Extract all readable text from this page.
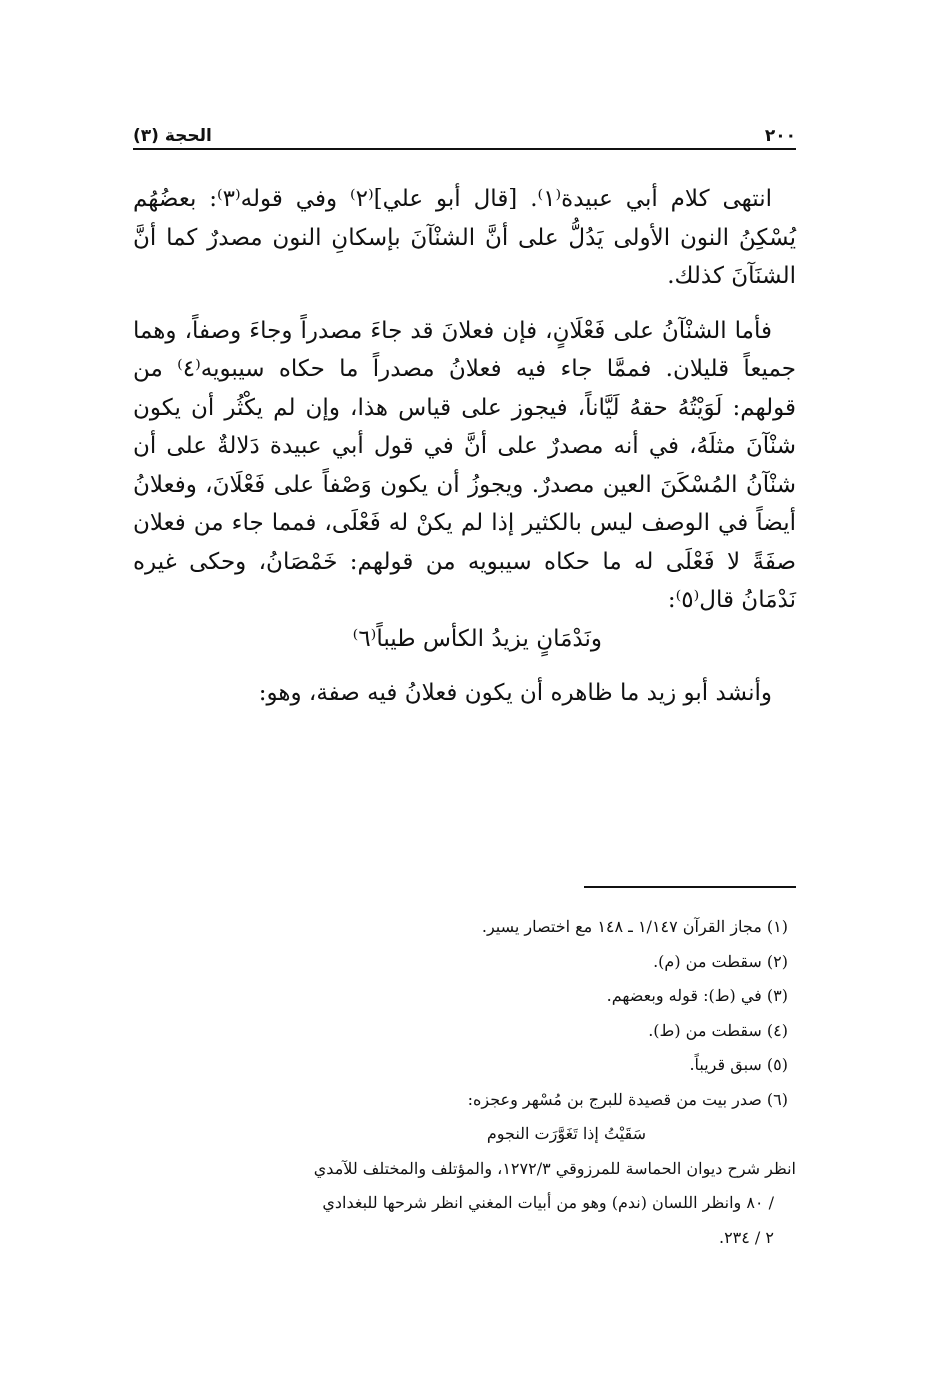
٢٠٠
الحجة (٣)

انتهى كلام أبي عبيدة⁽١⁾. [قال أبو علي]⁽٢⁾ وفي قوله⁽٣⁾: بعضُهُم يُسْكِنُ النون الأولى يَدُلُّ على أنَّ الشنْآنَ بإسكانِ النون مصدرٌ كما أنَّ الشنَآنَ كذلك.

فأما الشنْآنُ على فَعْلَانٍ، فإن فعلانَ قد جاءَ مصدراً وجاءَ وصفاً، وهما جميعاً قليلان. فممَّا جاء فيه فعلانُ مصدراً ما حكاه سيبويه⁽٤⁾ من قولهم: لَوَيْتُهُ حقهُ لَيَّاناً، فيجوز على قياس هذا، وإن لم يكْثُر أن يكون شنْآنَ مثلَهُ، في أنه مصدرٌ على أنَّ في قول أبي عبيدة دَلالةٌ على أن شنْآنُ المُسْكَنَ العين مصدرٌ. ويجوزُ أن يكون وَصْفاً على فَعْلَانَ، وفعلانُ أيضاً في الوصف ليس بالكثير إذا لم يكنْ له فَعْلَى، فمما جاء من فعلان صفَةً لا فَعْلَى له ما حكاه سيبويه من قولهم: خَمْصَانُ، وحكى غيره نَدْمَانُ قال⁽٥⁾:

ونَدْمَانٍ يزيدُ الكأس طيباً⁽٦⁾

وأنشد أبو زيد ما ظاهره أن يكون فعلانُ فيه صفة، وهو:

(١) مجاز القرآن ١/١٤٧ ـ ١٤٨ مع اختصار يسير.

(٢) سقطت من (م).

(٣) في (ط): قوله وبعضهم.

(٤) سقطت من (ط).

(٥) سبق قريباً.

(٦) صدر بيت من قصيدة للبرج بن مُسْهر وعجزه:

سَقَيْتُ إذا تَغَوَّرَت النجوم

انظر شرح ديوان الحماسة للمرزوقي ١٢٧٢/٣، والمؤتلف والمختلف للآمدي

/ ٨٠ وانظر اللسان (ندم) وهو من أبيات المغني انظر شرحها للبغدادي

٢ / ٢٣٤.
